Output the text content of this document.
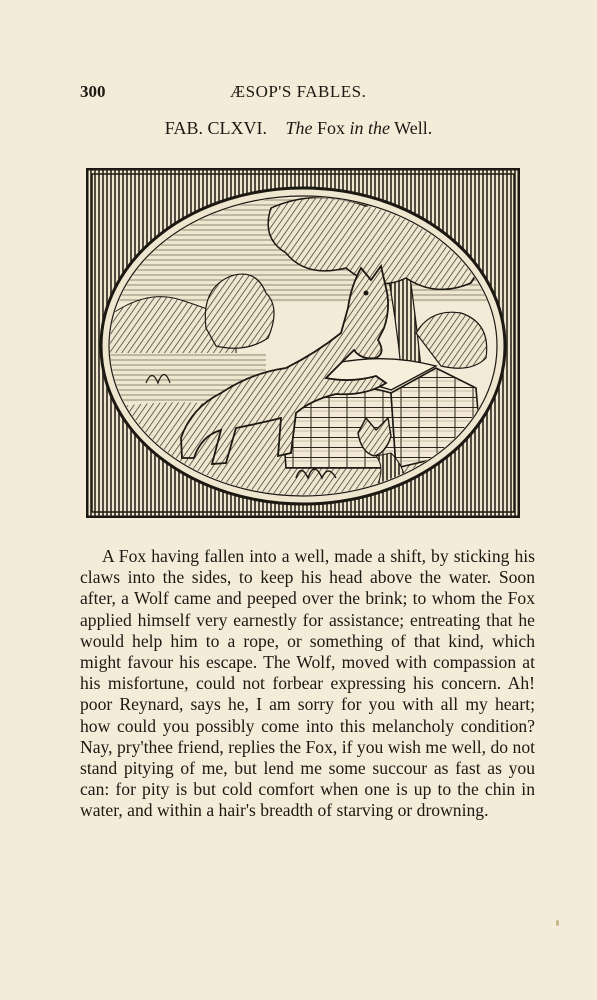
300	ÆSOP'S FABLES.
FAB. CLXVI. The Fox in the Well.

A Fox having fallen into a well, made a shift, by sticking his claws into the sides, to keep his head above the water. Soon after, a Wolf came and peeped over the brink; to whom the Fox applied himself very earnestly for assistance; entreating that he would help him to a rope, or something of that kind, which might favour his escape. The Wolf, moved with compassion at his misfortune, could not forbear expressing his concern. Ah! poor Reynard, says he, I am sorry for you with all my heart; how could you possibly come into this melancholy condition? Nay, pry'thee friend, replies the Fox, if you wish me well, do not stand pitying of me, but lend me some succour as fast as you can: for pity is but cold comfort when one is up to the chin in water, and within a hair's breadth of starving or drowning.
